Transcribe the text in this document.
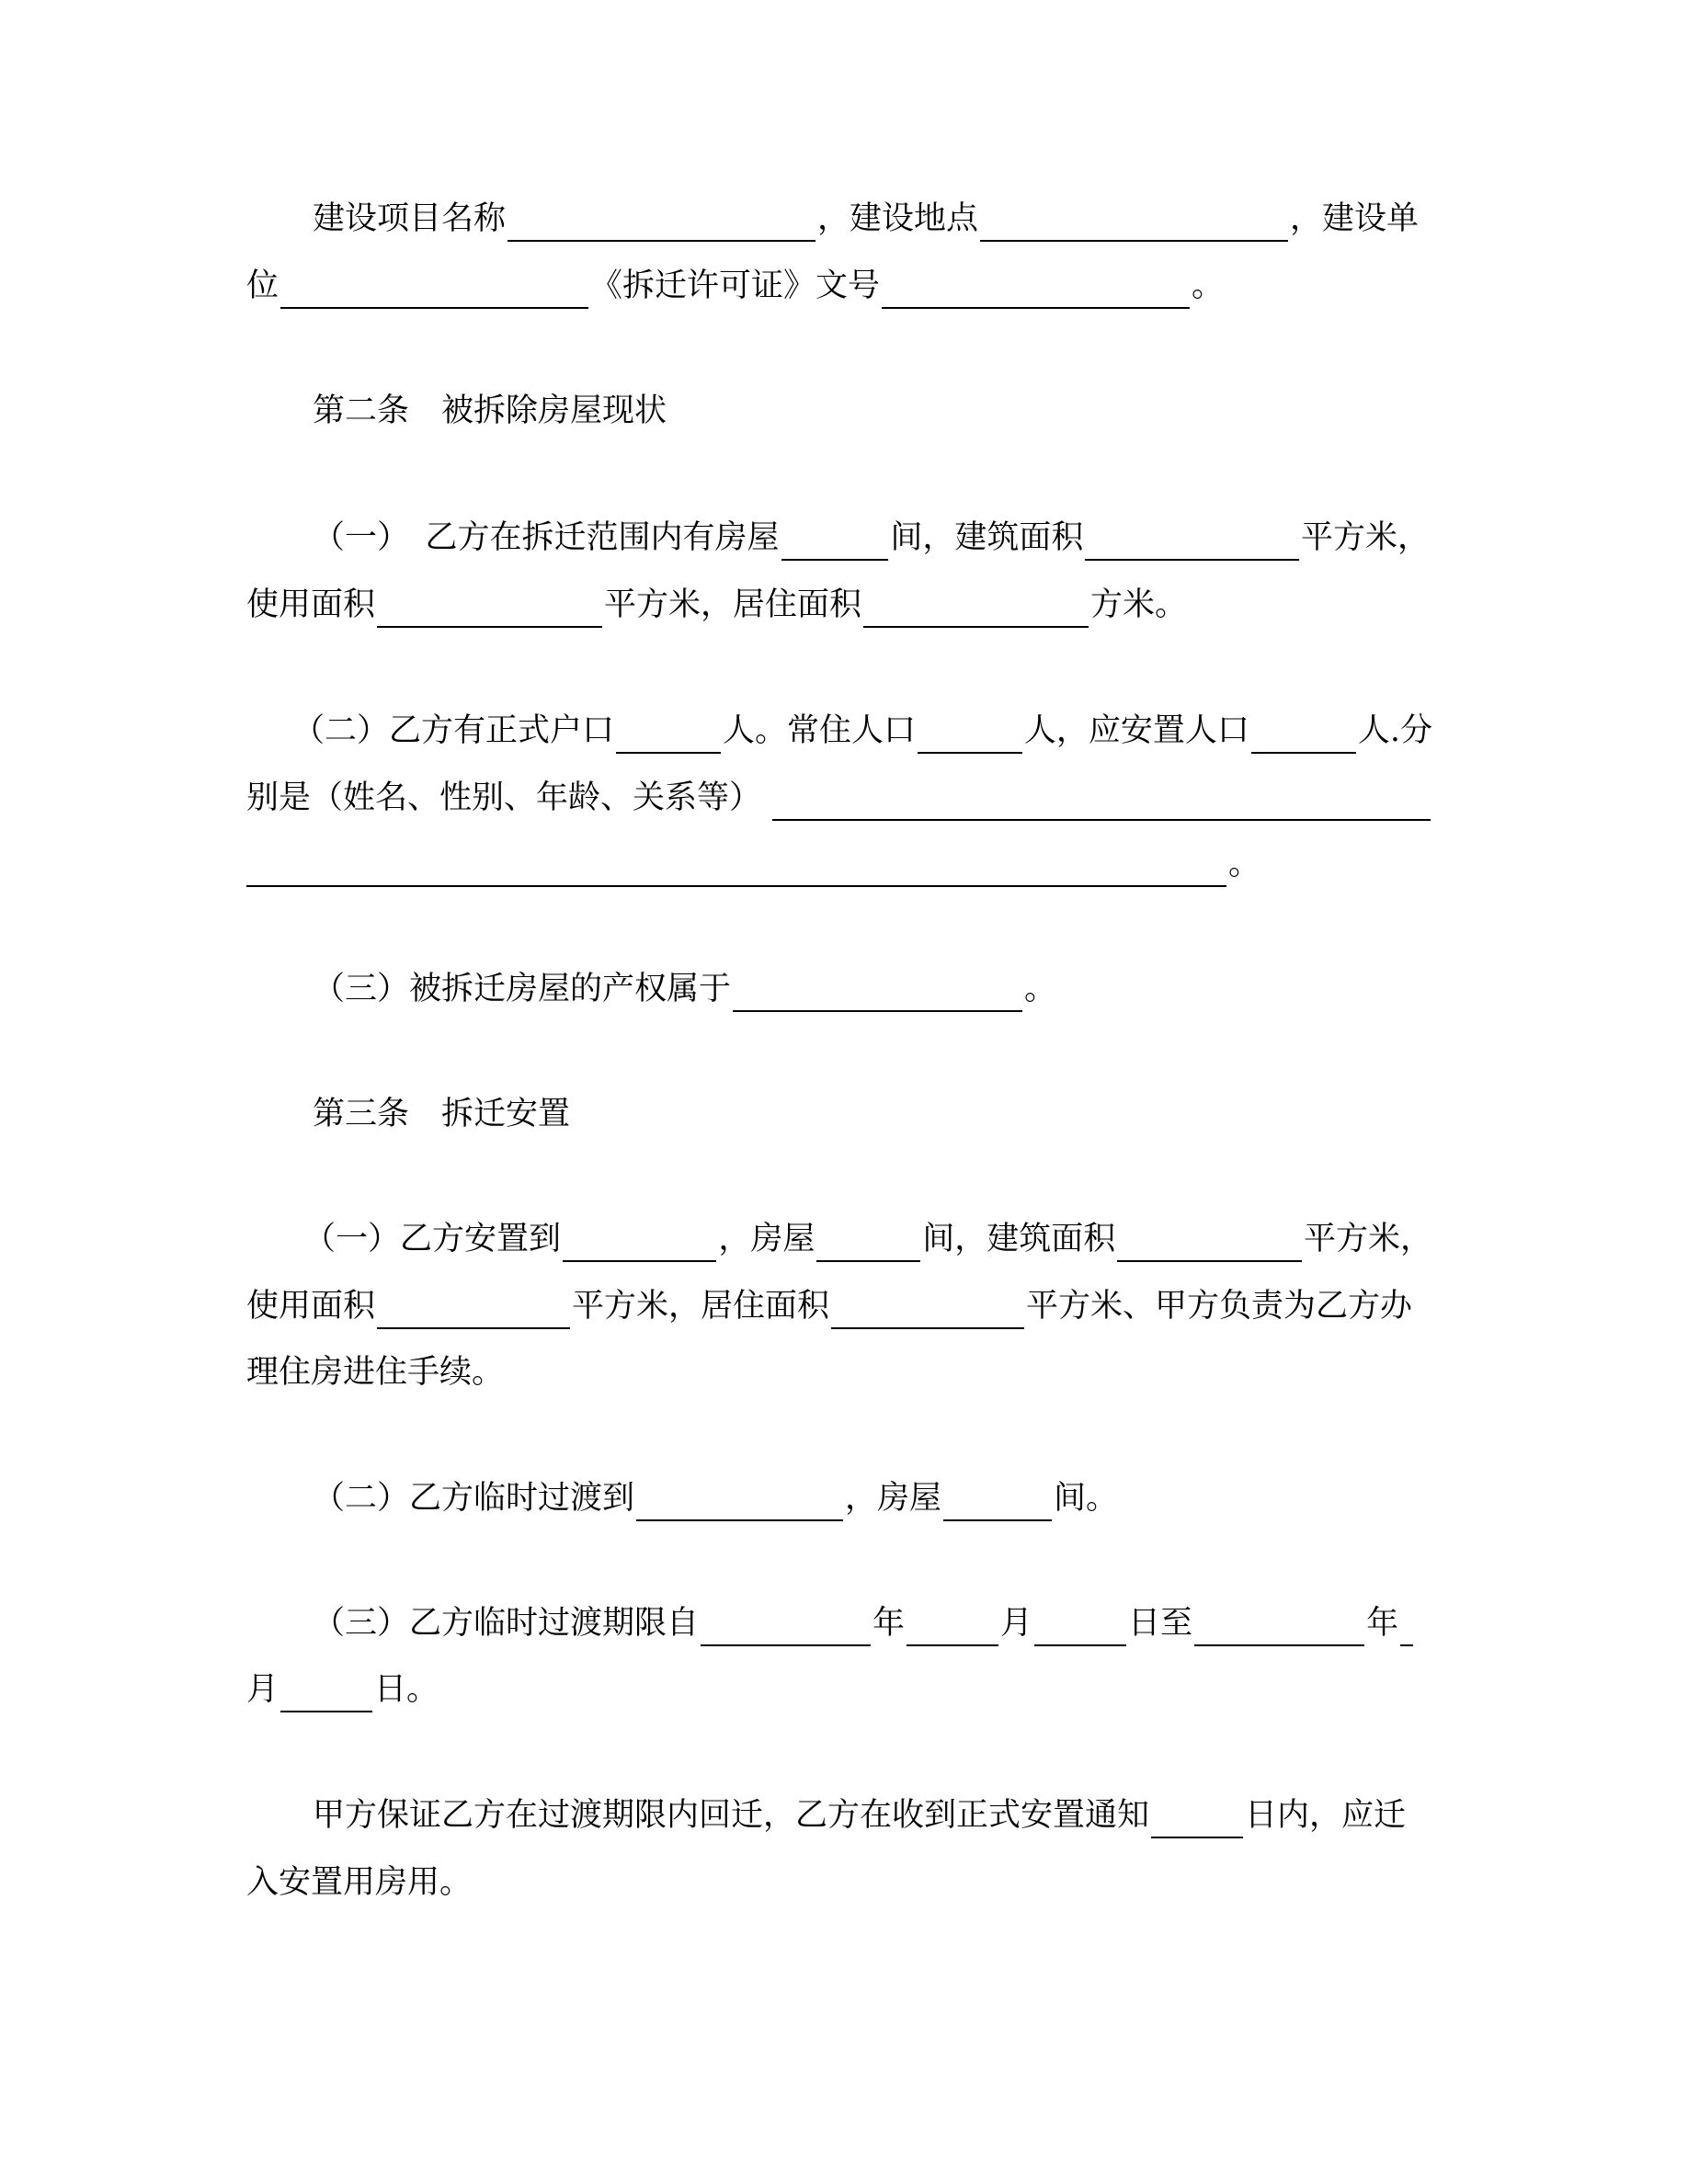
建设项目名称	，建设地点	，建设单
位	《拆迁许可证》文号	。
第二条　被拆除房屋现状
（一）　乙方在拆迁范围内有房屋	间，建筑面积	平方米，
使用面积	平方米，居住面积	方米。
（二）乙方有正式户口	人。常住人口	人，应安置人口	人.分
别是（姓名、性别、年龄、关系等）
。
（三）被拆迁房屋的产权属于	。
第三条　拆迁安置
（一）乙方安置到	，房屋	间，建筑面积	平方米，
使用面积	平方米，居住面积	平方米、甲方负责为乙方办
理住房进住手续。
（二）乙方临时过渡到	，房屋	间。
（三）乙方临时过渡期限自	年	月	日至	年
月	日。
甲方保证乙方在过渡期限内回迁，乙方在收到正式安置通知	日内，应迁
入安置用房用。
